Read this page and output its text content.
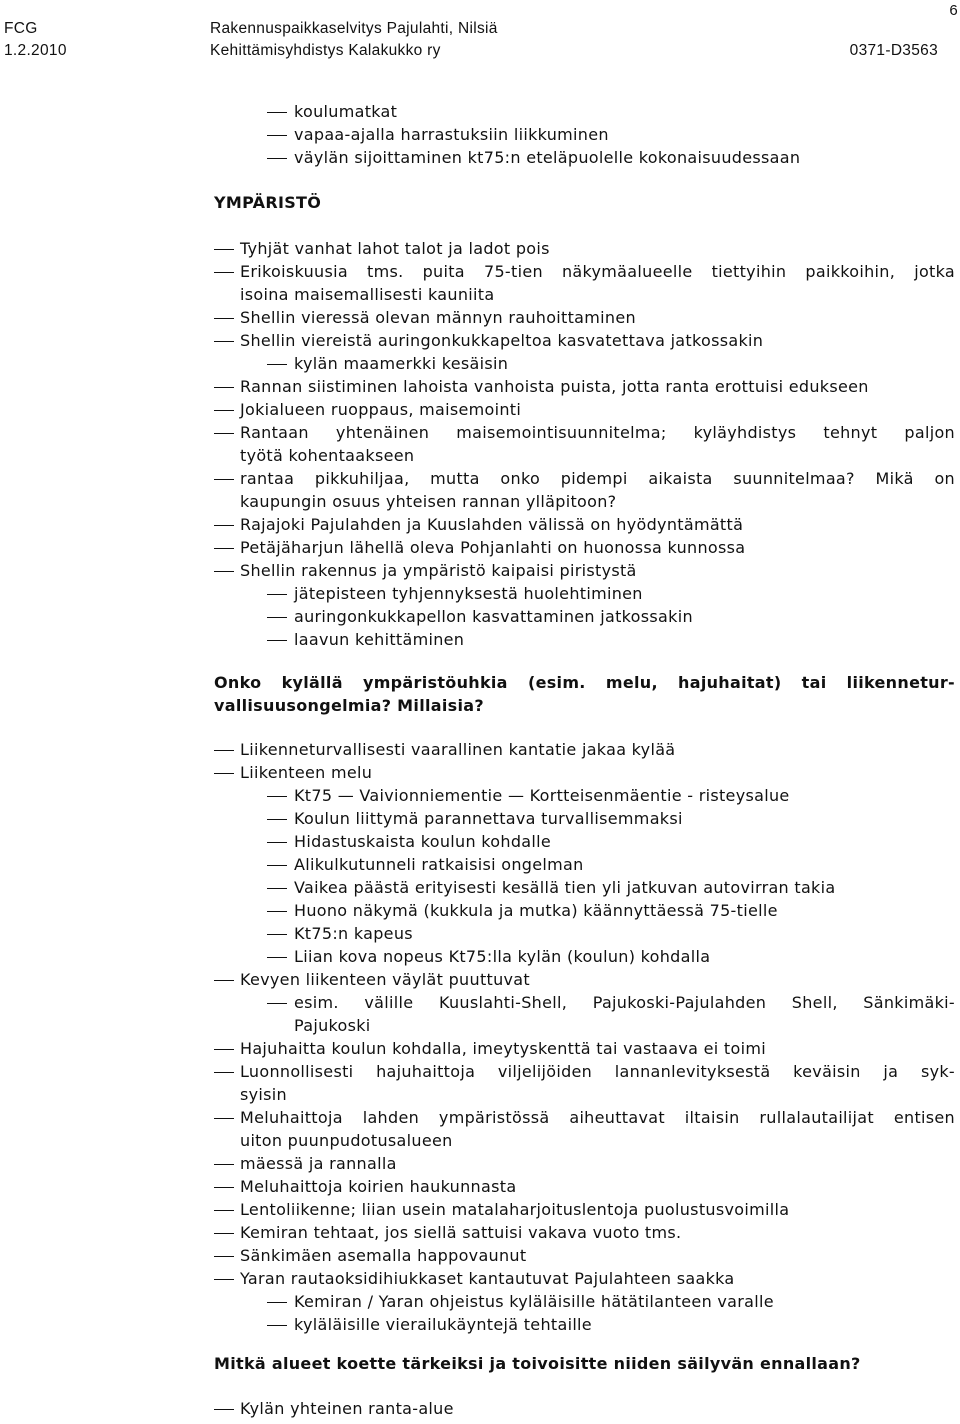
FCG
1.2.2010
Rakennuspaikkaselvitys Pajulahti, Nilsiä
Kehittämisyhdistys Kalakukko ry	0371-D3563
6
koulumatkat
vapaa-ajalla harrastuksiin liikkuminen
väylän sijoittaminen kt75:n eteläpuolelle kokonaisuudessaan
YMPÄRISTÖ
Tyhjät vanhat lahot talot ja ladot pois
Erikoiskuusia tms. puita 75-tien näkymäalueelle tiettyihin paikkoihin, jotka
isoina maisemallisesti kauniita
Shellin vieressä olevan männyn rauhoittaminen
Shellin viereistä auringonkukkapeltoa kasvatettava jatkossakin
kylän maamerkki kesäisin
Rannan siistiminen lahoista vanhoista puista, jotta ranta erottuisi edukseen
Jokialueen ruoppaus, maisemointi
Rantaan yhtenäinen maisemointisuunnitelma; kyläyhdistys tehnyt paljon
työtä kohentaakseen
rantaa pikkuhiljaa, mutta onko pidempi aikaista suunnitelmaa? Mikä on
kaupungin osuus yhteisen rannan ylläpitoon?
Rajajoki Pajulahden ja Kuuslahden välissä on hyödyntämättä
Petäjäharjun lähellä oleva Pohjanlahti on huonossa kunnossa
Shellin rakennus ja ympäristö kaipaisi piristystä
jätepisteen tyhjennyksestä huolehtiminen
auringonkukkapellon kasvattaminen jatkossakin
laavun kehittäminen
Onko kylällä ympäristöuhkia (esim. melu, hajuhaitat) tai liikennetur-
vallisuusongelmia? Millaisia?
Liikenneturvallisesti vaarallinen kantatie jakaa kylää
Liikenteen melu
Kt75 — Vaivionniementie — Kortteisenmäentie - risteysalue
Koulun liittymä parannettava turvallisemmaksi
Hidastuskaista koulun kohdalle
Alikulkutunneli ratkaisisi ongelman
Vaikea päästä erityisesti kesällä tien yli jatkuvan autovirran takia
Huono näkymä (kukkula ja mutka) käännyttäessä 75-tielle
Kt75:n kapeus
Liian kova nopeus Kt75:lla kylän (koulun) kohdalla
Kevyen liikenteen väylät puuttuvat
esim. välille Kuuslahti-Shell, Pajukoski-Pajulahden Shell, Sänkimäki-
Pajukoski
Hajuhaitta koulun kohdalla, imeytyskenttä tai vastaava ei toimi
Luonnollisesti hajuhaittoja viljelijöiden lannanlevityksestä keväisin ja syk-
syisin
Meluhaittoja lahden ympäristössä aiheuttavat iltaisin rullalautailijat entisen
uiton puunpudotusalueen
mäessä ja rannalla
Meluhaittoja koirien haukunnasta
Lentoliikenne; liian usein matalaharjoituslentoja puolustusvoimilla
Kemiran tehtaat, jos siellä sattuisi vakava vuoto tms.
Sänkimäen asemalla happovaunut
Yaran rautaoksidihiukkaset kantautuvat Pajulahteen saakka
Kemiran / Yaran ohjeistus kyläläisille hätätilanteen varalle
kyläläisille vierailukäyntejä tehtaille
Mitkä alueet koette tärkeiksi ja toivoisitte niiden säilyvän ennallaan?
Kylän yhteinen ranta-alue
